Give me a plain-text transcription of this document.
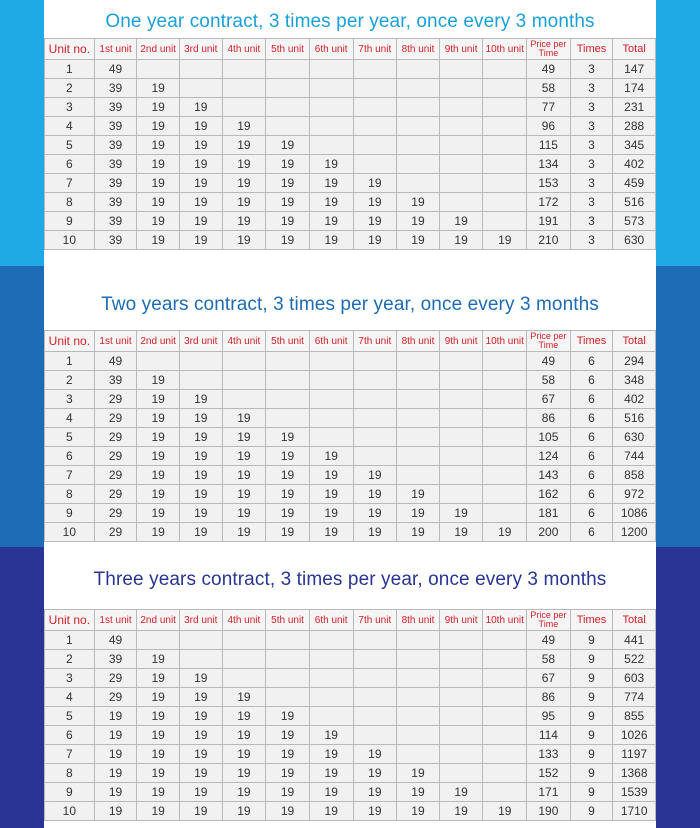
One year contract, 3 times per year, once every 3 months
Unit no.	1st unit	2nd unit	3rd unit	4th unit	5th unit	6th unit	7th unit	8th unit	9th unit	10th unit	Price per Time	Times	Total
1	49										49	3	147
2	39	19									58	3	174
3	39	19	19								77	3	231
4	39	19	19	19							96	3	288
5	39	19	19	19	19						115	3	345
6	39	19	19	19	19	19					134	3	402
7	39	19	19	19	19	19	19				153	3	459
8	39	19	19	19	19	19	19	19			172	3	516
9	39	19	19	19	19	19	19	19	19		191	3	573
10	39	19	19	19	19	19	19	19	19	19	210	3	630
Two years contract, 3 times per year, once every 3 months
Unit no.	1st unit	2nd unit	3rd unit	4th unit	5th unit	6th unit	7th unit	8th unit	9th unit	10th unit	Price per Time	Times	Total
1	49										49	6	294
2	39	19									58	6	348
3	29	19	19								67	6	402
4	29	19	19	19							86	6	516
5	29	19	19	19	19						105	6	630
6	29	19	19	19	19	19					124	6	744
7	29	19	19	19	19	19	19				143	6	858
8	29	19	19	19	19	19	19	19			162	6	972
9	29	19	19	19	19	19	19	19	19		181	6	1086
10	29	19	19	19	19	19	19	19	19	19	200	6	1200
Three years contract, 3 times per year, once every 3 months
Unit no.	1st unit	2nd unit	3rd unit	4th unit	5th unit	6th unit	7th unit	8th unit	9th unit	10th unit	Price per Time	Times	Total
1	49										49	9	441
2	39	19									58	9	522
3	29	19	19								67	9	603
4	29	19	19	19							86	9	774
5	19	19	19	19	19						95	9	855
6	19	19	19	19	19	19					114	9	1026
7	19	19	19	19	19	19	19				133	9	1197
8	19	19	19	19	19	19	19	19			152	9	1368
9	19	19	19	19	19	19	19	19	19		171	9	1539
10	19	19	19	19	19	19	19	19	19	19	190	9	1710
